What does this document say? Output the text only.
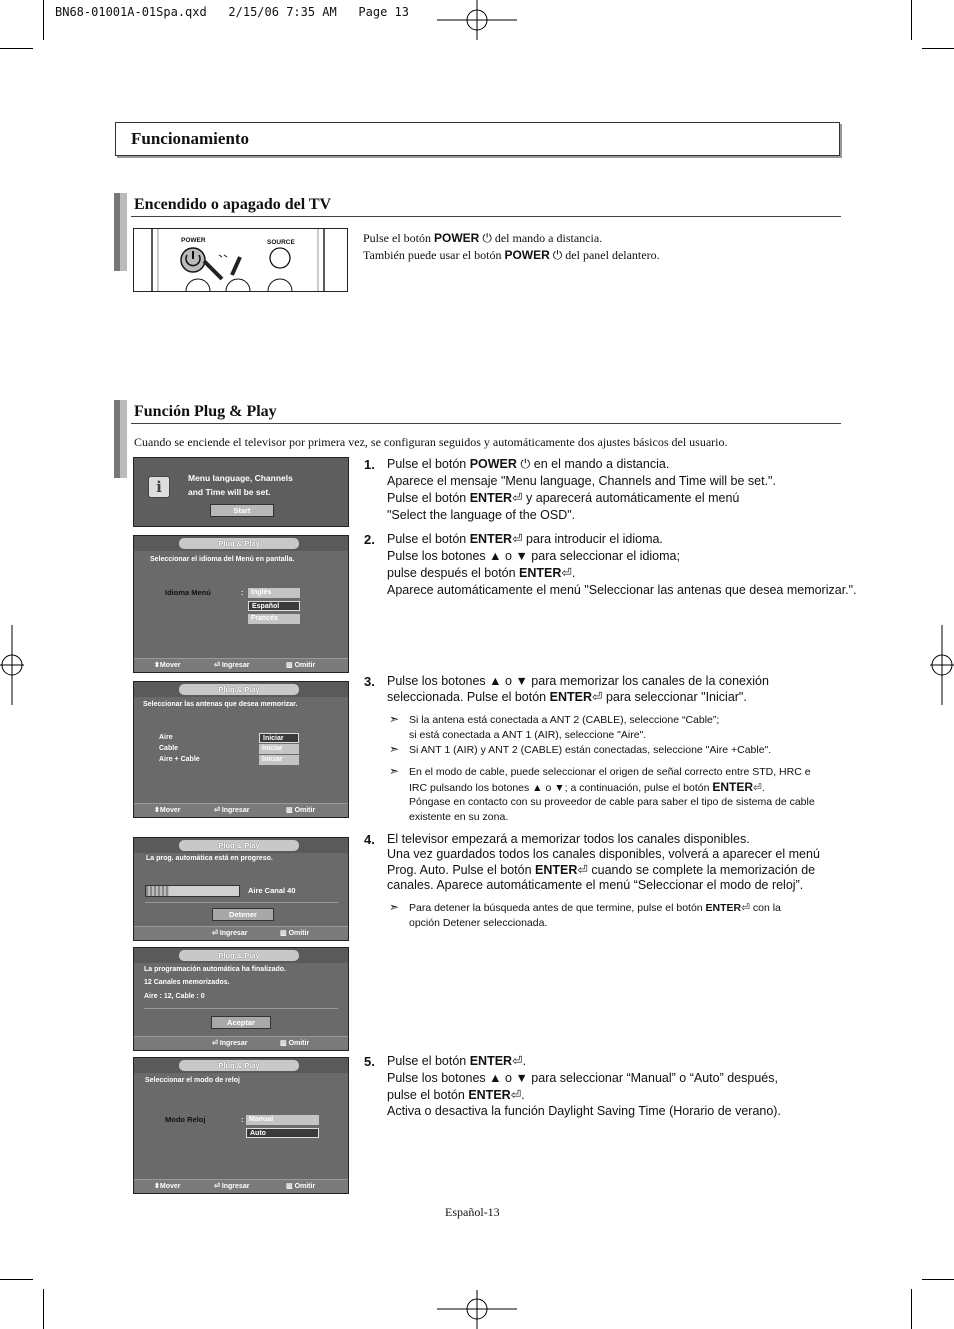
BN68-01001A-01Spa.qxd   2/15/06 7:35 AM   Page 13
Funcionamiento
Encendido o apagado del TV
POWER	SOURCE	Pulse el botón POWER ⏻ del mando a distancia.
También puede usar el botón POWER ⏻ del panel delantero.
Función Plug & Play
Cuando se enciende el televisor por primera vez, se configuran seguidos y automáticamente dos ajustes básicos del usuario.
i	Menu language, Channels
and Time will be set.
Start
Plug & Play
Seleccionar el idioma del Menú en pantalla.
Idioma Menú	:	Inglés
Español
Francés
⬍Mover	⏎ Ingresar	▥ Omitir
Plug & Play
Seleccionar las antenas que desea memorizar.
Aire	Iniciar
Cable	Iniciar
Aire + Cable	Iniciar
⬍Mover	⏎ Ingresar	▥ Omitir
Plug & Play
La prog. automática está en progreso.
Aire Canal 40
Detener
⏎ Ingresar	▥ Omitir
Plug & Play
La programación automática ha finalizado.
12 Canales memorizados.
Aire : 12, Cable : 0
Aceptar
⏎ Ingresar	▥ Omitir
Plug & Play
Seleccionar el modo de reloj
Modo Reloj	: Manual
Auto
⬍Mover	⏎ Ingresar	▥ Omitir
1. Pulse el botón POWER ⏻ en el mando a distancia.
Aparece el mensaje "Menu language, Channels and Time will be set.".
Pulse el botón ENTER⏎ y aparecerá automáticamente el menú
"Select the language of the OSD".
2. Pulse el botón ENTER⏎ para introducir el idioma.
Pulse los botones ▲ o ▼ para seleccionar el idioma;
pulse después el botón ENTER⏎.
Aparece automáticamente el menú "Seleccionar las antenas que desea memorizar.".
3. Pulse los botones ▲ o ▼ para memorizar los canales de la conexión
seleccionada. Pulse el botón ENTER⏎ para seleccionar "Iniciar".
➣ Si la antena está conectada a ANT 2 (CABLE), seleccione “Cable”;
si está conectada a ANT 1 (AIR), seleccione "Aire".
➣ Si ANT 1 (AIR) y ANT 2 (CABLE) están conectadas, seleccione "Aire +Cable".
➣ En el modo de cable, puede seleccionar el origen de señal correcto entre STD, HRC e
IRC pulsando los botones ▲ o ▼; a continuación, pulse el botón ENTER⏎.
Póngase en contacto con su proveedor de cable para saber el tipo de sistema de cable
existente en su zona.
4. El televisor empezará a memorizar todos los canales disponibles.
Una vez guardados todos los canales disponibles, volverá a aparecer el menú
Prog. Auto. Pulse el botón ENTER⏎ cuando se complete la memorización de
canales. Aparece automáticamente el menú “Seleccionar el modo de reloj”.
➣ Para detener la búsqueda antes de que termine, pulse el botón ENTER⏎ con la
opción Detener seleccionada.
5. Pulse el botón ENTER⏎.
Pulse los botones ▲ o ▼ para seleccionar “Manual” o “Auto” después,
pulse el botón ENTER⏎.
Activa o desactiva la función Daylight Saving Time (Horario de verano).
Español-13
